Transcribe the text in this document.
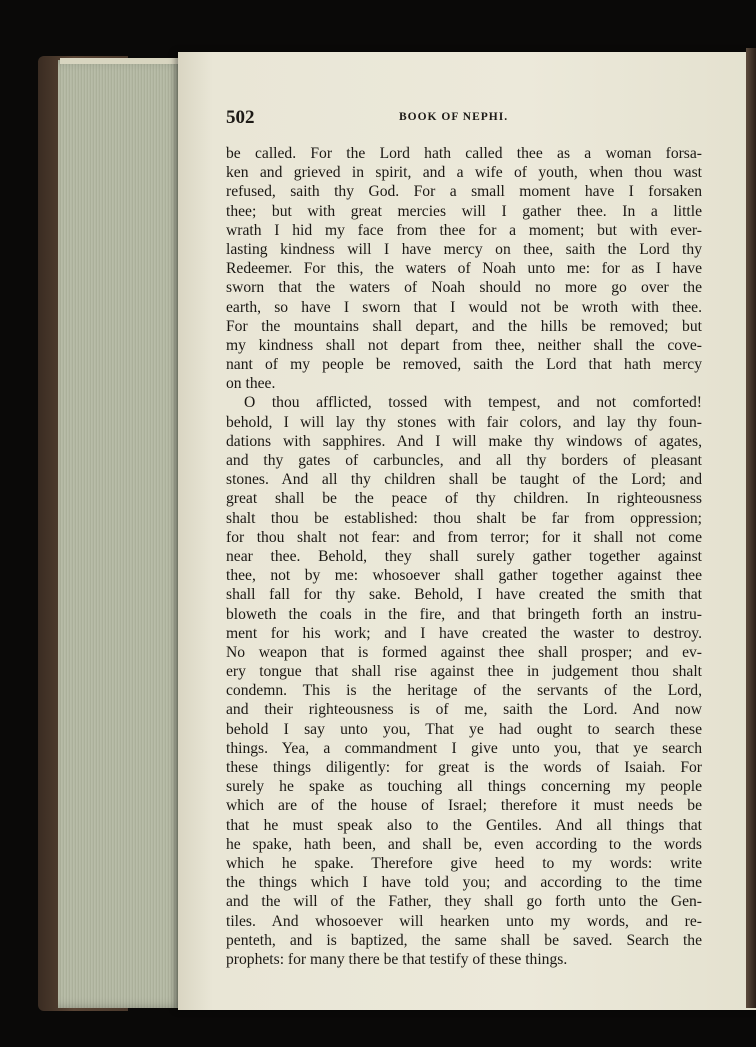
502	BOOK OF NEPHI.
be called. For the Lord hath called thee as a woman forsa-
ken and grieved in spirit, and a wife of youth, when thou wast
refused, saith thy God. For a small moment have I forsaken
thee; but with great mercies will I gather thee. In a little
wrath I hid my face from thee for a moment; but with ever-
lasting kindness will I have mercy on thee, saith the Lord thy
Redeemer. For this, the waters of Noah unto me: for as I have
sworn that the waters of Noah should no more go over the
earth, so have I sworn that I would not be wroth with thee.
For the mountains shall depart, and the hills be removed; but
my kindness shall not depart from thee, neither shall the cove-
nant of my people be removed, saith the Lord that hath mercy
on thee.
O thou afflicted, tossed with tempest, and not comforted!
behold, I will lay thy stones with fair colors, and lay thy foun-
dations with sapphires. And I will make thy windows of agates,
and thy gates of carbuncles, and all thy borders of pleasant
stones. And all thy children shall be taught of the Lord; and
great shall be the peace of thy children. In righteousness
shalt thou be established: thou shalt be far from oppression;
for thou shalt not fear: and from terror; for it shall not come
near thee. Behold, they shall surely gather together against
thee, not by me: whosoever shall gather together against thee
shall fall for thy sake. Behold, I have created the smith that
bloweth the coals in the fire, and that bringeth forth an instru-
ment for his work; and I have created the waster to destroy.
No weapon that is formed against thee shall prosper; and ev-
ery tongue that shall rise against thee in judgement thou shalt
condemn. This is the heritage of the servants of the Lord,
and their righteousness is of me, saith the Lord. And now
behold I say unto you, That ye had ought to search these
things. Yea, a commandment I give unto you, that ye search
these things diligently: for great is the words of Isaiah. For
surely he spake as touching all things concerning my people
which are of the house of Israel; therefore it must needs be
that he must speak also to the Gentiles. And all things that
he spake, hath been, and shall be, even according to the words
which he spake. Therefore give heed to my words: write
the things which I have told you; and according to the time
and the will of the Father, they shall go forth unto the Gen-
tiles. And whosoever will hearken unto my words, and re-
penteth, and is baptized, the same shall be saved. Search the
prophets: for many there be that testify of these things.
